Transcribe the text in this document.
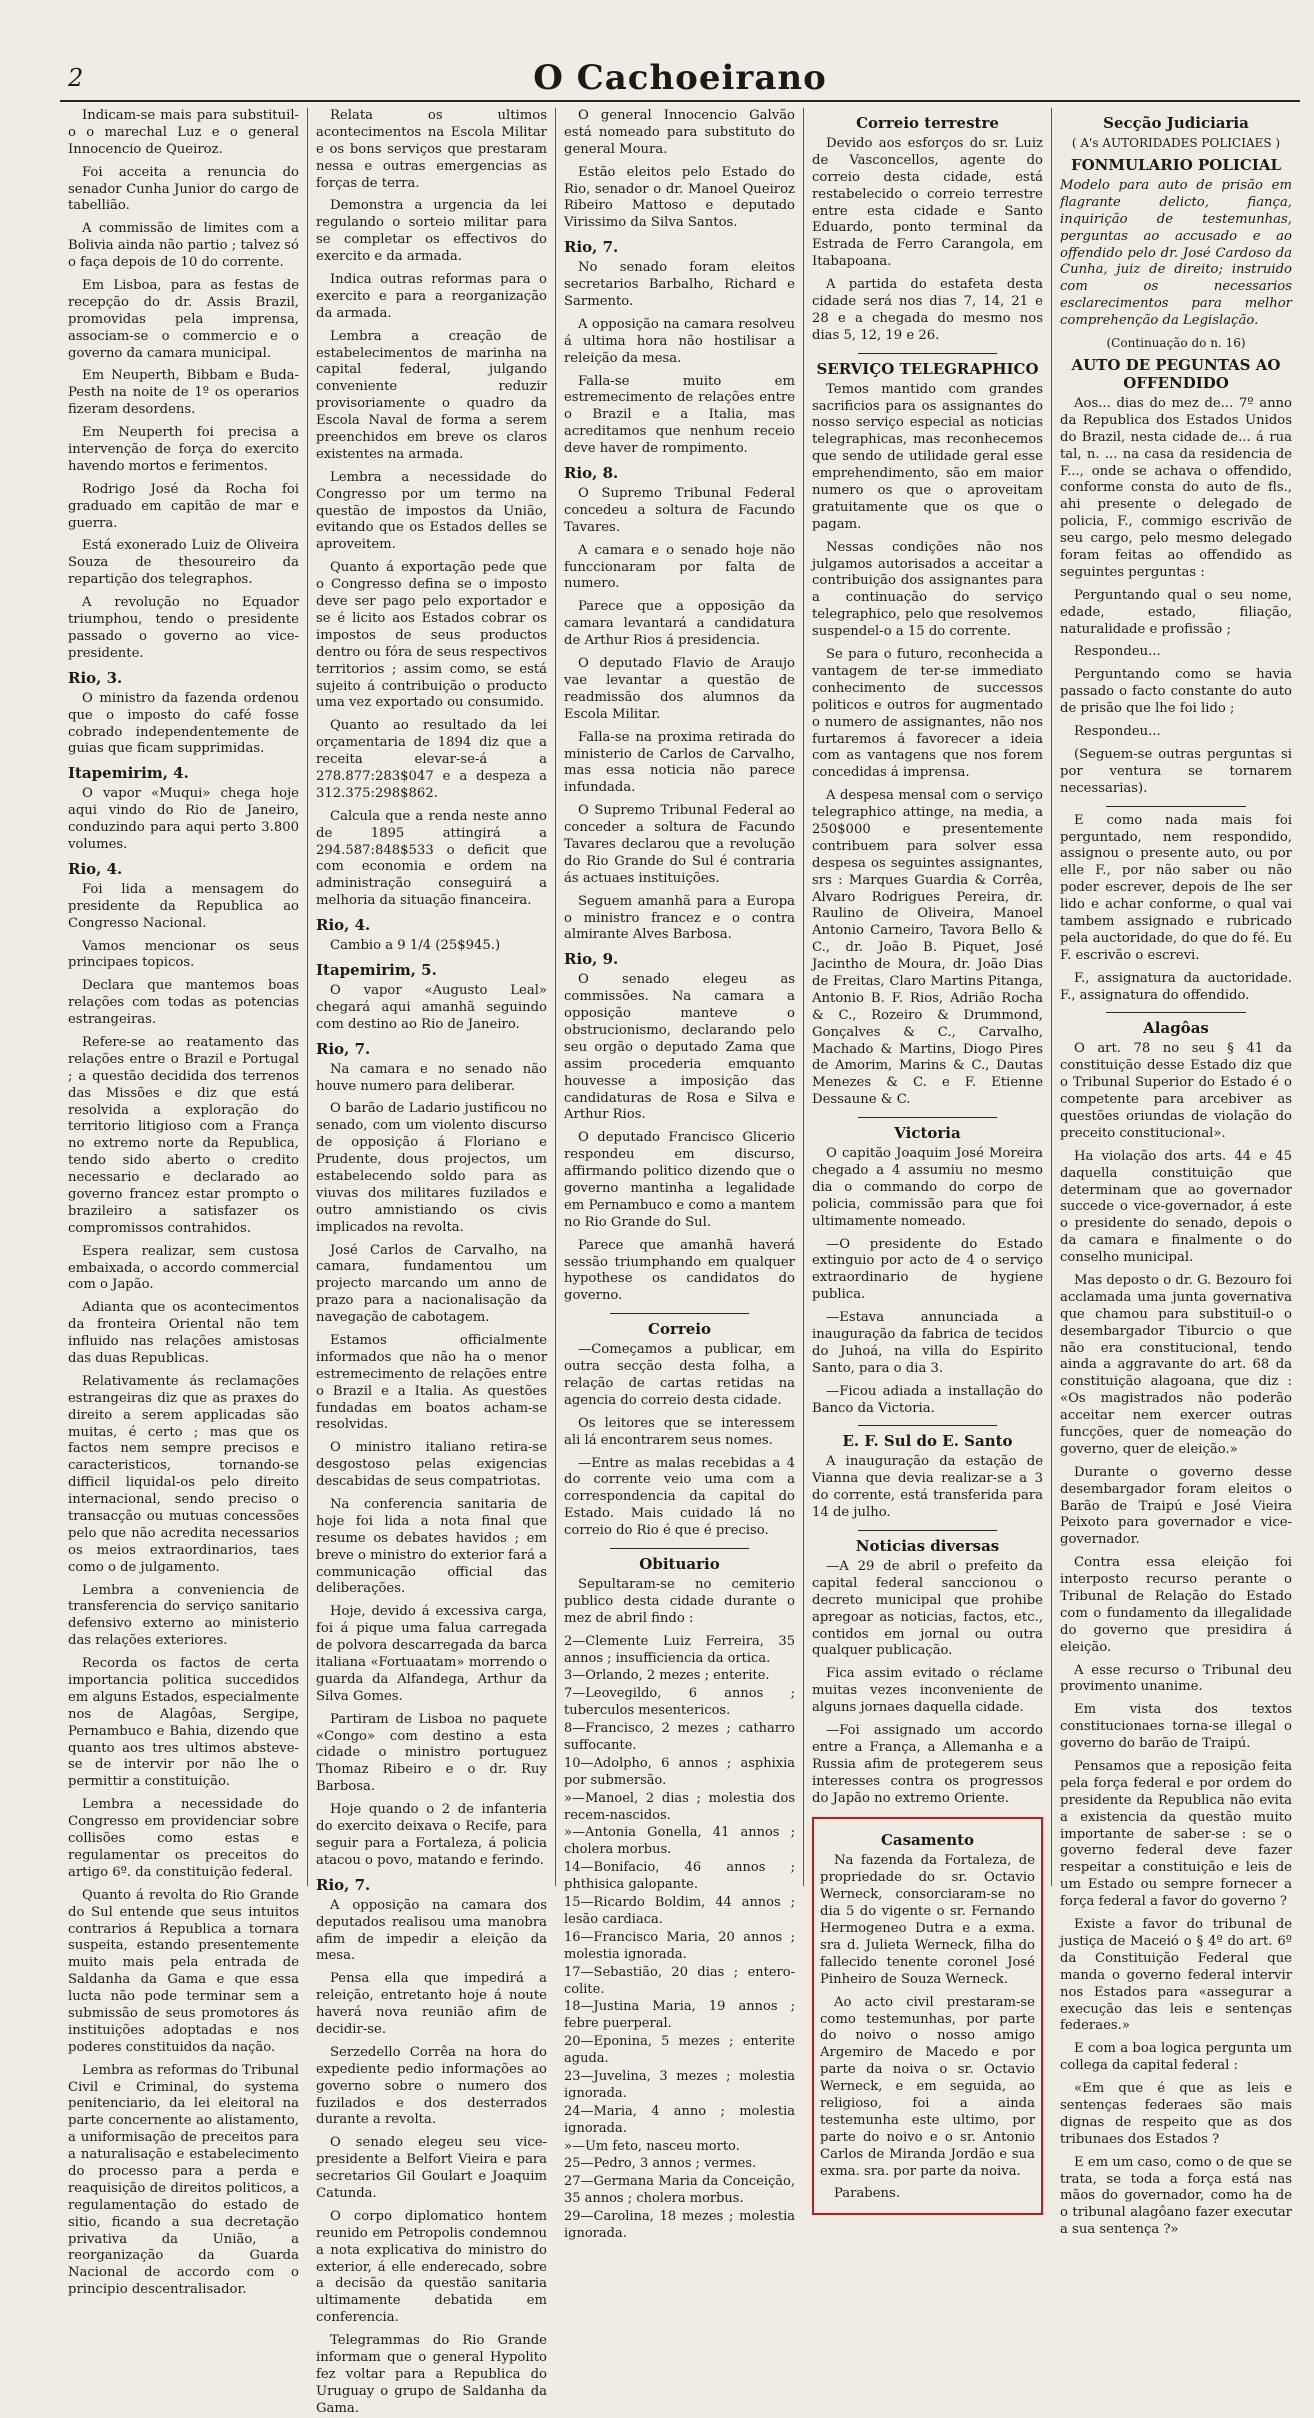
2	O Cachoeirano

Indicam-se mais para substituil-o o marechal Luz e o general Innocencio de Queiroz.

Foi acceita a renuncia do senador Cunha Junior do cargo de tabellião.

A commissão de limites com a Bolivia ainda não partio ; talvez só o faça depois de 10 do corrente.

Em Lisboa, para as festas de recepção do dr. Assis Brazil, promovidas pela imprensa, associam-se o commercio e o governo da camara municipal.

Em Neuperth, Bibbam e Buda-Pesth na noite de 1º os operarios fizeram desordens.

Em Neuperth foi precisa a intervenção de força do exercito havendo mortos e ferimentos.

Rodrigo José da Rocha foi graduado em capitão de mar e guerra.

Está exonerado Luiz de Oliveira Souza de thesoureiro da repartição dos telegraphos.

A revolução no Equador triumphou, tendo o presidente passado o governo ao vice-presidente.

Rio, 3.

O ministro da fazenda ordenou que o imposto do café fosse cobrado independentemente de guias que ficam supprimidas.

Itapemirim, 4.

O vapor «Muqui» chega hoje aqui vindo do Rio de Janeiro, conduzindo para aqui perto 3.800 volumes.

Rio, 4.

Foi lida a mensagem do presidente da Republica ao Congresso Nacional.

Vamos mencionar os seus principaes topicos.

Declara que mantemos boas relações com todas as potencias estrangeiras.

Refere-se ao reatamento das relações entre o Brazil e Portugal ; a questão decidida dos terrenos das Missões e diz que está resolvida a exploração do territorio litigioso com a França no extremo norte da Republica, tendo sido aberto o credito necessario e declarado ao governo francez estar prompto o brazileiro a satisfazer os compromissos contrahidos.

Espera realizar, sem custosa embaixada, o accordo commercial com o Japão.

Adianta que os acontecimentos da fronteira Oriental não tem influido nas relações amistosas das duas Republicas.

Relativamente ás reclamações estrangeiras diz que as praxes do direito a serem applicadas são muitas, é certo ; mas que os factos nem sempre precisos e caracteristicos, tornando-se difficil liquidal-os pelo direito internacional, sendo preciso o transacção ou mutuas concessões pelo que não acredita necessarios os meios extraordinarios, taes como o de julgamento.

Lembra a conveniencia de transferencia do serviço sanitario defensivo externo ao ministerio das relações exteriores.

Recorda os factos de certa importancia politica succedidos em alguns Estados, especialmente nos de Alagôas, Sergipe, Pernambuco e Bahia, dizendo que quanto aos tres ultimos absteve-se de intervir por não lhe o permittir a constituição.

Lembra a necessidade do Congresso em providenciar sobre collisões como estas e regulamentar os preceitos do artigo 6º. da constituição federal.

Quanto á revolta do Rio Grande do Sul entende que seus intuitos contrarios á Republica a tornara suspeita, estando presentemente muito mais pela entrada de Saldanha da Gama e que essa lucta não pode terminar sem a submissão de seus promotores ás instituições adoptadas e nos poderes constituidos da nação.

Lembra as reformas do Tribunal Civil e Criminal, do systema penitenciario, da lei eleitoral na parte concernente ao alistamento, a uniformisação de preceitos para a naturalisação e estabelecimento do processo para a perda e reaquisição de direitos politicos, a regulamentação do estado de sitio, ficando a sua decretação privativa da União, a reorganização da Guarda Nacional de accordo com o principio descentralisador.

Relata os ultimos acontecimentos na Escola Militar e os bons serviços que prestaram nessa e outras emergencias as forças de terra.

Demonstra a urgencia da lei regulando o sorteio militar para se completar os effectivos do exercito e da armada.

Indica outras reformas para o exercito e para a reorganização da armada.

Lembra a creação de estabelecimentos de marinha na capital federal, julgando conveniente reduzir provisoriamente o quadro da Escola Naval de forma a serem preenchidos em breve os claros existentes na armada.

Lembra a necessidade do Congresso por um termo na questão de impostos da União, evitando que os Estados delles se aproveitem.

Quanto á exportação pede que o Congresso defina se o imposto deve ser pago pelo exportador e se é licito aos Estados cobrar os impostos de seus productos dentro ou fóra de seus respectivos territorios ; assim como, se está sujeito á contribuição o producto uma vez exportado ou consumido.

Quanto ao resultado da lei orçamentaria de 1894 diz que a receita elevar-se-á a 278.877:283$047 e a despeza a 312.375:298$862.

Calcula que a renda neste anno de 1895 attingirá a 294.587:848$533 o deficit que com economia e ordem na administração conseguirá a melhoria da situação financeira.

Rio, 4.

Cambio a 9 1/4 (25$945.)

Itapemirim, 5.

O vapor «Augusto Leal» chegará aqui amanhã seguindo com destino ao Rio de Janeiro.

Rio, 7.

Na camara e no senado não houve numero para deliberar.

O barão de Ladario justificou no senado, com um violento discurso de opposição á Floriano e Prudente, dous projectos, um estabelecendo soldo para as viuvas dos militares fuzilados e outro amnistiando os civis implicados na revolta.

José Carlos de Carvalho, na camara, fundamentou um projecto marcando um anno de prazo para a nacionalisação da navegação de cabotagem.

Estamos officialmente informados que não ha o menor estremecimento de relações entre o Brazil e a Italia. As questões fundadas em boatos acham-se resolvidas.

O ministro italiano retira-se desgostoso pelas exigencias descabidas de seus compatriotas.

Na conferencia sanitaria de hoje foi lida a nota final que resume os debates havidos ; em breve o ministro do exterior fará a communicação official das deliberações.

Hoje, devido á excessiva carga, foi á pique uma falua carregada de polvora descarregada da barca italiana «Fortuaatam» morrendo o guarda da Alfandega, Arthur da Silva Gomes.

Partiram de Lisboa no paquete «Congo» com destino a esta cidade o ministro portuguez Thomaz Ribeiro e o dr. Ruy Barbosa.

Hoje quando o 2 de infanteria do exercito deixava o Recife, para seguir para a Fortaleza, á policia atacou o povo, matando e ferindo.

Rio, 7.

A opposição na camara dos deputados realisou uma manobra afim de impedir a eleição da mesa.

Pensa ella que impedirá a releição, entretanto hoje á noute haverá nova reunião afim de decidir-se.

Serzedello Corrêa na hora do expediente pedio informações ao governo sobre o numero dos fuzilados e dos desterrados durante a revolta.

O senado elegeu seu vice-presidente a Belfort Vieira e para secretarios Gil Goulart e Joaquim Catunda.

O corpo diplomatico hontem reunido em Petropolis condemnou a nota explicativa do ministro do exterior, á elle enderecado, sobre a decisão da questão sanitaria ultimamente debatida em conferencia.

Telegrammas do Rio Grande informam que o general Hypolito fez voltar para a Republica do Uruguay o grupo de Saldanha da Gama.

O general Innocencio Galvão está nomeado para substituto do general Moura.

Estão eleitos pelo Estado do Rio, senador o dr. Manoel Queiroz Ribeiro Mattoso e deputado Virissimo da Silva Santos.

Rio, 7.

No senado foram eleitos secretarios Barbalho, Richard e Sarmento.

A opposição na camara resolveu á ultima hora não hostilisar a releição da mesa.

Falla-se muito em estremecimento de relações entre o Brazil e a Italia, mas acreditamos que nenhum receio deve haver de rompimento.

Rio, 8.

O Supremo Tribunal Federal concedeu a soltura de Facundo Tavares.

A camara e o senado hoje não funccionaram por falta de numero.

Parece que a opposição da camara levantará a candidatura de Arthur Rios á presidencia.

O deputado Flavio de Araujo vae levantar a questão de readmissão dos alumnos da Escola Militar.

Falla-se na proxima retirada do ministerio de Carlos de Carvalho, mas essa noticia não parece infundada.

O Supremo Tribunal Federal ao conceder a soltura de Facundo Tavares declarou que a revolução do Rio Grande do Sul é contraria ás actuaes instituições.

Seguem amanhã para a Europa o ministro francez e o contra almirante Alves Barbosa.

Rio, 9.

O senado elegeu as commissões. Na camara a opposição manteve o obstrucionismo, declarando pelo seu orgão o deputado Zama que assim procederia emquanto houvesse a imposição das candidaturas de Rosa e Silva e Arthur Rios.

O deputado Francisco Glicerio respondeu em discurso, affirmando politico dizendo que o governo mantinha a legalidade em Pernambuco e como a mantem no Rio Grande do Sul.

Parece que amanhã haverá sessão triumphando em qualquer hypothese os candidatos do governo.

Correio

—Começamos a publicar, em outra secção desta folha, a relação de cartas retidas na agencia do correio desta cidade.

Os leitores que se interessem ali lá encontrarem seus nomes.

—Entre as malas recebidas a 4 do corrente veio uma com a correspondencia da capital do Estado. Mais cuidado lá no correio do Rio é que é preciso.

Obituario

Sepultaram-se no cemiterio publico desta cidade durante o mez de abril findo :

2—Clemente Luiz Ferreira, 35 annos ; insufficiencia da ortica.

3—Orlando, 2 mezes ; enterite.

7—Leovegildo, 6 annos ; tuberculos mesentericos.

8—Francisco, 2 mezes ; catharro suffocante.

10—Adolpho, 6 annos ; asphixia por submersão.

»—Manoel, 2 dias ; molestia dos recem-nascidos.

»—Antonia Gonella, 41 annos ; cholera morbus.

14—Bonifacio, 46 annos ; phthisica galopante.

15—Ricardo Boldim, 44 annos ; lesão cardiaca.

16—Francisco Maria, 20 annos ; molestia ignorada.

17—Sebastião, 20 dias ; entero-colite.

18—Justina Maria, 19 annos ; febre puerperal.

20—Eponina, 5 mezes ; enterite aguda.

23—Juvelina, 3 mezes ; molestia ignorada.

24—Maria, 4 anno ; molestia ignorada.

»—Um feto, nasceu morto.

25—Pedro, 3 annos ; vermes.

27—Germana Maria da Conceição, 35 annos ; cholera morbus.

29—Carolina, 18 mezes ; molestia ignorada.

Correio terrestre

Devido aos esforços do sr. Luiz de Vasconcellos, agente do correio desta cidade, está restabelecido o correio terrestre entre esta cidade e Santo Eduardo, ponto terminal da Estrada de Ferro Carangola, em Itabapoana.

A partida do estafeta desta cidade será nos dias 7, 14, 21 e 28 e a chegada do mesmo nos dias 5, 12, 19 e 26.

SERVIÇO TELEGRAPHICO

Temos mantido com grandes sacrificios para os assignantes do nosso serviço especial as noticias telegraphicas, mas reconhecemos que sendo de utilidade geral esse emprehendimento, são em maior numero os que o aproveitam gratuitamente que os que o pagam.

Nessas condições não nos julgamos autorisados a acceitar a contribuição dos assignantes para a continuação do serviço telegraphico, pelo que resolvemos suspendel-o a 15 do corrente.

Se para o futuro, reconhecida a vantagem de ter-se immediato conhecimento de successos politicos e outros for augmentado o numero de assignantes, não nos furtaremos á favorecer a ideia com as vantagens que nos forem concedidas á imprensa.

A despesa mensal com o serviço telegraphico attinge, na media, a 250$000 e presentemente contribuem para solver essa despesa os seguintes assignantes, srs : Marques Guardia & Corrêa, Alvaro Rodrigues Pereira, dr. Raulino de Oliveira, Manoel Antonio Carneiro, Tavora Bello & C., dr. João B. Piquet, José Jacintho de Moura, dr. João Dias de Freitas, Claro Martins Pitanga, Antonio B. F. Rios, Adrião Rocha & C., Rozeiro & Drummond, Gonçalves & C., Carvalho, Machado & Martins, Diogo Pires de Amorim, Marins & C., Dautas Menezes & C. e F. Etienne Dessaune & C.

Victoria

O capitão Joaquim José Moreira chegado a 4 assumiu no mesmo dia o commando do corpo de policia, commissão para que foi ultimamente nomeado.

—O presidente do Estado extinguio por acto de 4 o serviço extraordinario de hygiene publica.

—Estava annunciada a inauguração da fabrica de tecidos do Juhoá, na villa do Espirito Santo, para o dia 3.

—Ficou adiada a installação do Banco da Victoria.

E. F. Sul do E. Santo

A inauguração da estação de Vianna que devia realizar-se a 3 do corrente, está transferida para 14 de julho.

Noticias diversas

—A 29 de abril o prefeito da capital federal sanccionou o decreto municipal que prohibe apregoar as noticias, factos, etc., contidos em jornal ou outra qualquer publicação.

Fica assim evitado o réclame muitas vezes inconveniente de alguns jornaes daquella cidade.

—Foi assignado um accordo entre a França, a Allemanha e a Russia afim de protegerem seus interesses contra os progressos do Japão no extremo Oriente.

Casamento

Na fazenda da Fortaleza, de propriedade do sr. Octavio Werneck, consorciaram-se no dia 5 do vigente o sr. Fernando Hermogeneo Dutra e a exma. sra d. Julieta Werneck, filha do fallecido tenente coronel José Pinheiro de Souza Werneck.

Ao acto civil prestaram-se como testemunhas, por parte do noivo o nosso amigo Argemiro de Macedo e por parte da noiva o sr. Octavio Werneck, e em seguida, ao religioso, foi a ainda testemunha este ultimo, por parte do noivo e o sr. Antonio Carlos de Miranda Jordão e sua exma. sra. por parte da noiva.

Parabens.

Secção Judiciaria
( A's AUTORIDADES POLICIAES )
FONMULARIO POLICIAL

Modelo para auto de prisão em flagrante delicto, fiança, inquirição de testemunhas, perguntas ao accusado e ao offendido pelo dr. José Cardoso da Cunha, juiz de direito; instruido com os necessarios esclarecimentos para melhor comprehenção da Legislação.

(Continuação do n. 16)
AUTO DE PEGUNTAS AO OFFENDIDO

Aos... dias do mez de... 7º anno da Republica dos Estados Unidos do Brazil, nesta cidade de... á rua tal, n. ... na casa da residencia de F..., onde se achava o offendido, conforme consta do auto de fls., ahi presente o delegado de policia, F., commigo escrivão de seu cargo, pelo mesmo delegado foram feitas ao offendido as seguintes perguntas :

Perguntando qual o seu nome, edade, estado, filiação, naturalidade e profissão ;

Respondeu...

Perguntando como se havia passado o facto constante do auto de prisão que lhe foi lido ;

Respondeu...

(Seguem-se outras perguntas si por ventura se tornarem necessarias).

E como nada mais foi perguntado, nem respondido, assignou o presente auto, ou por elle F., por não saber ou não poder escrever, depois de lhe ser lido e achar conforme, o qual vai tambem assignado e rubricado pela auctoridade, do que do fé. Eu F. escrivão o escrevi.

F., assignatura da auctoridade. F., assignatura do offendido.

Alagôas

O art. 78 no seu § 41 da constituição desse Estado diz que o Tribunal Superior do Estado é o competente para arcebiver as questões oriundas de violação do preceito constitucional».

Ha violação dos arts. 44 e 45 daquella constituição que determinam que ao governador succede o vice-governador, á este o presidente do senado, depois o da camara e finalmente o do conselho municipal.

Mas deposto o dr. G. Bezouro foi acclamada uma junta governativa que chamou para substituil-o o desembargador Tiburcio o que não era constitucional, tendo ainda a aggravante do art. 68 da constituição alagoana, que diz : «Os magistrados não poderão acceitar nem exercer outras funcções, quer de nomeação do governo, quer de eleição.»

Durante o governo desse desembargador foram eleitos o Barão de Traipú e José Vieira Peixoto para governador e vice-governador.

Contra essa eleição foi interposto recurso perante o Tribunal de Relação do Estado com o fundamento da illegalidade do governo que presidira á eleição.

A esse recurso o Tribunal deu provimento unanime.

Em vista dos textos constitucionaes torna-se illegal o governo do barão de Traipú.

Pensamos que a reposição feita pela força federal e por ordem do presidente da Republica não evita a existencia da questão muito importante de saber-se : se o governo federal deve fazer respeitar a constituição e leis de um Estado ou sempre fornecer a força federal a favor do governo ?

Existe a favor do tribunal de justiça de Maceió o § 4º do art. 6º da Constituição Federal que manda o governo federal intervir nos Estados para «assegurar a execução das leis e sentenças federaes.»

E com a boa logica pergunta um collega da capital federal :

«Em que é que as leis e sentenças federaes são mais dignas de respeito que as dos tribunaes dos Estados ?

E em um caso, como o de que se trata, se toda a força está nas mãos do governador, como ha de o tribunal alagôano fazer executar a sua sentença ?»
